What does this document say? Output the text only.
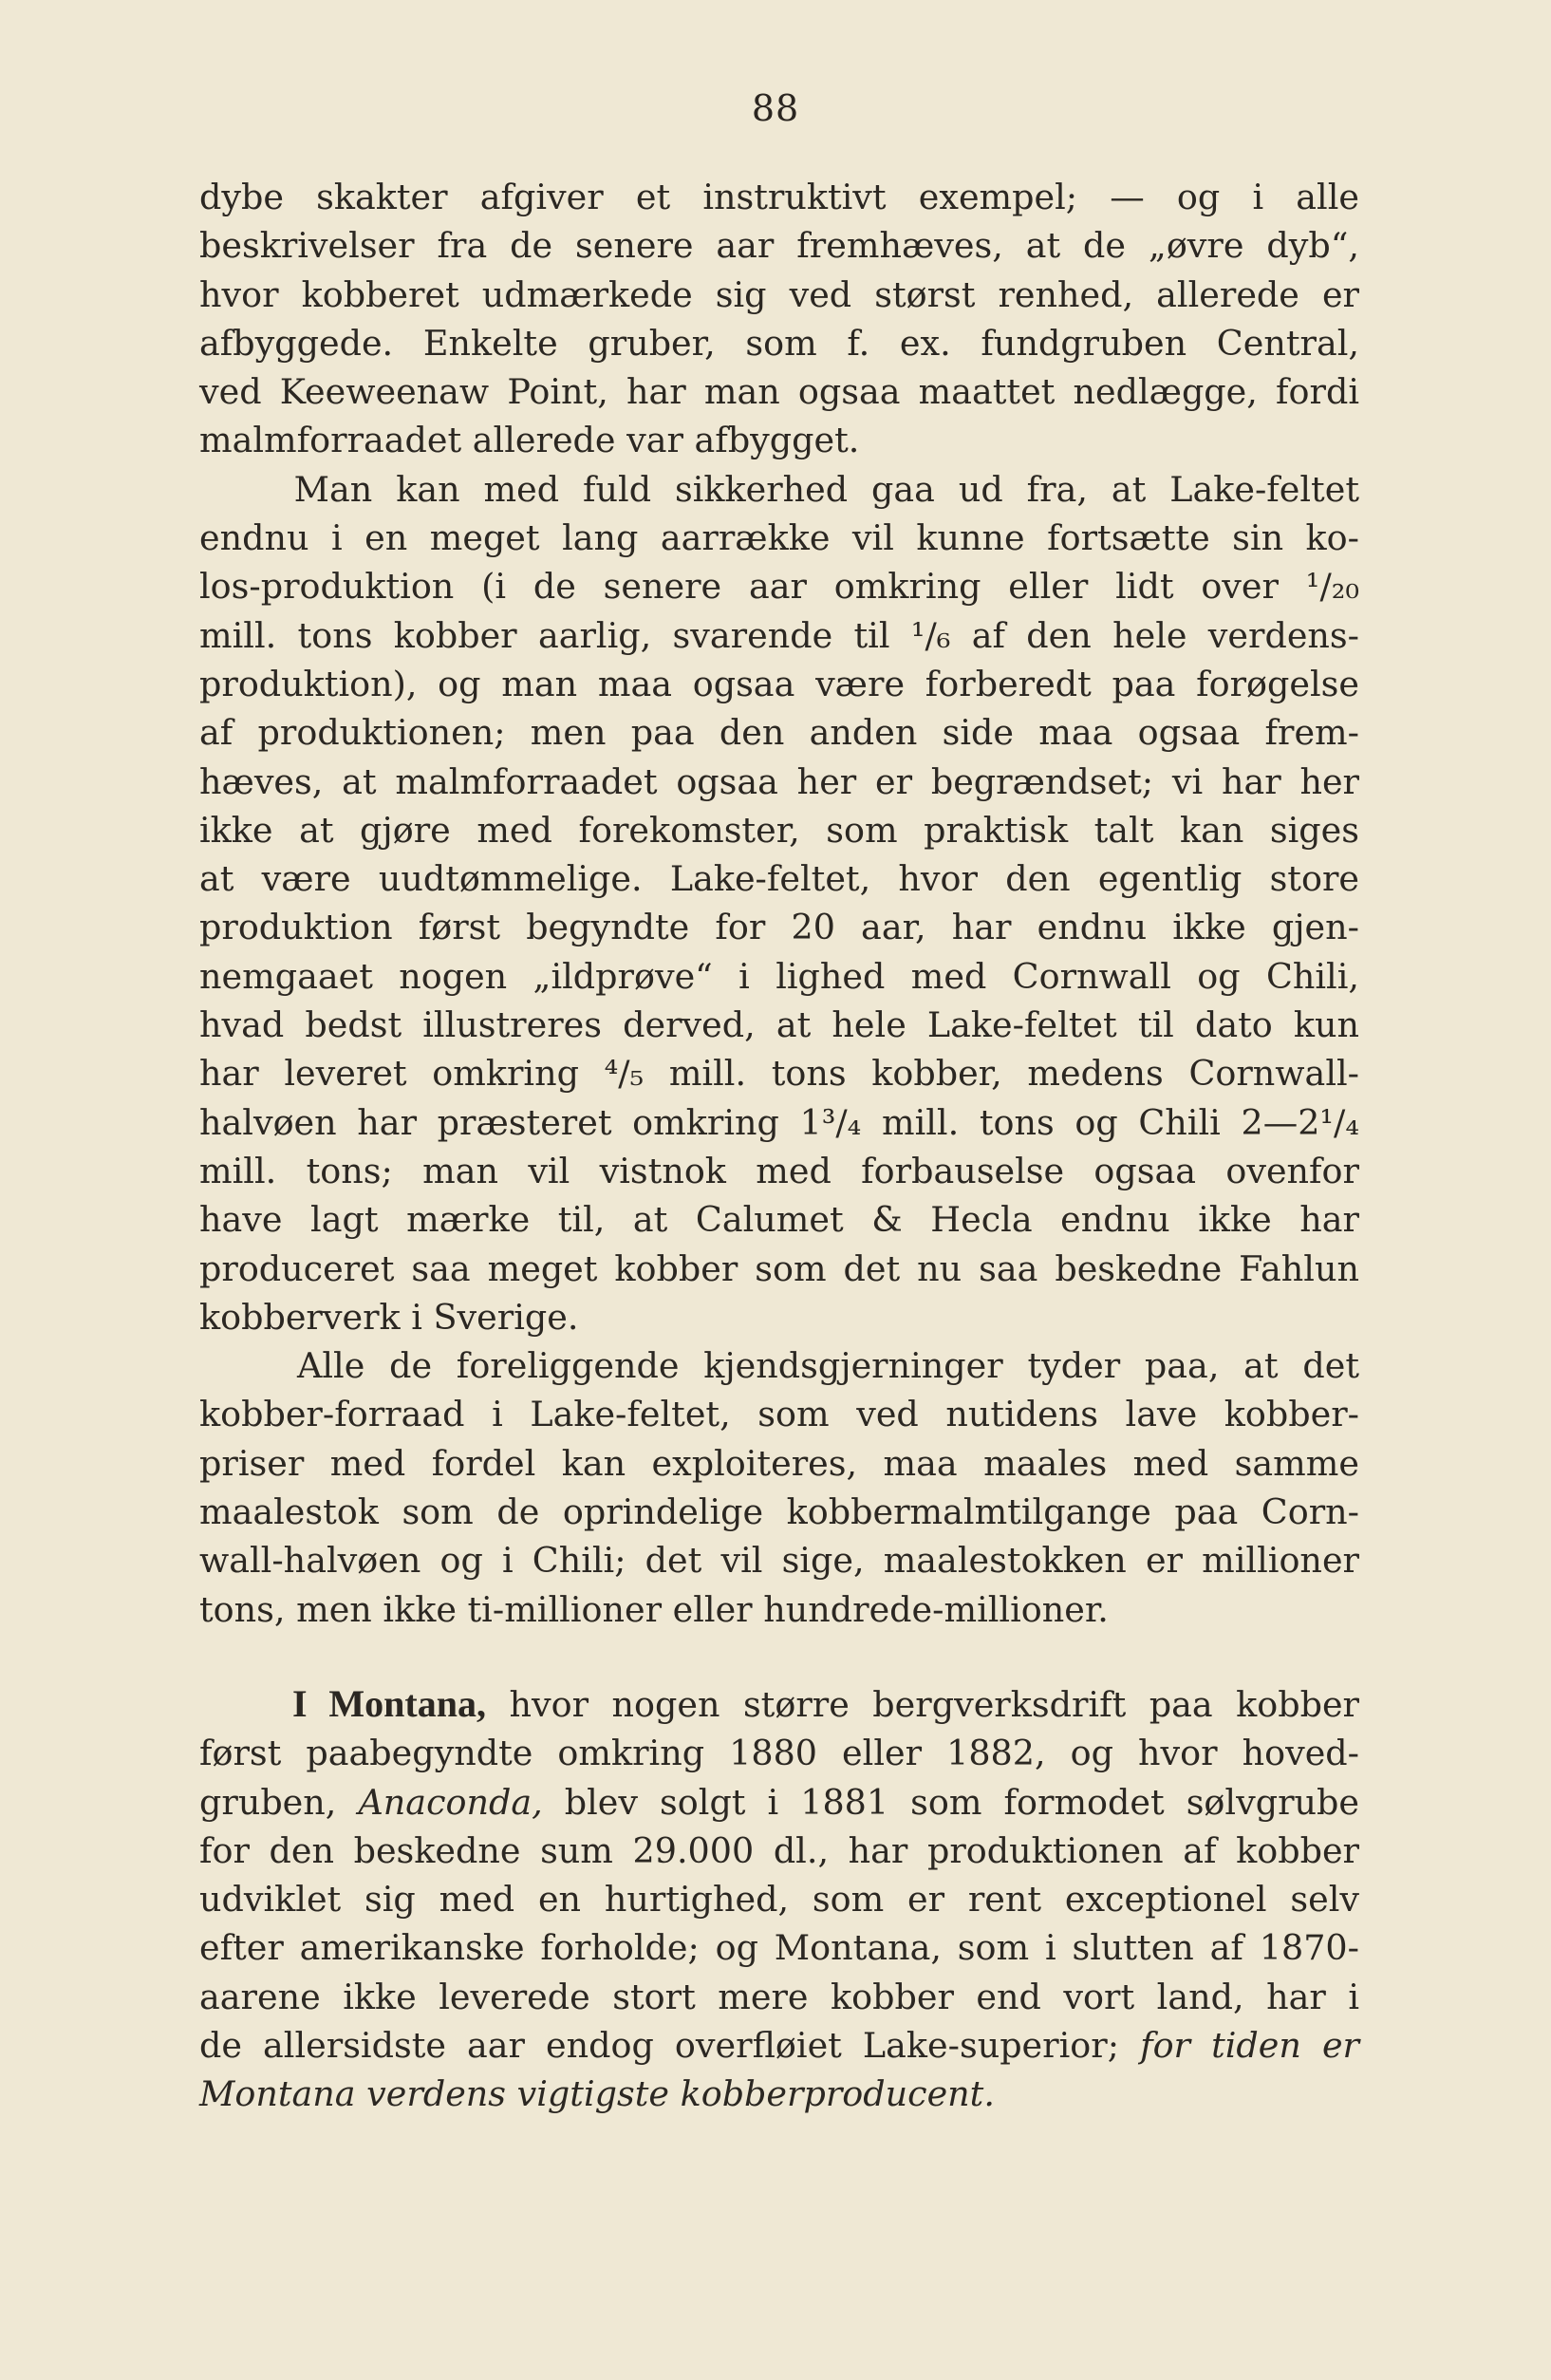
88
dybe skakter afgiver et instruktivt exempel; — og i alle
beskrivelser fra de senere aar fremhæves, at de „øvre dyb“,
hvor kobberet udmærkede sig ved størst renhed, allerede er
afbyggede. Enkelte gruber, som f. ex. fundgruben Central,
ved Keeweenaw Point, har man ogsaa maattet nedlægge, fordi
malmforraadet allerede var afbygget.
Man kan med fuld sikkerhed gaa ud fra, at Lake-feltet
endnu i en meget lang aarrække vil kunne fortsætte sin ko-
los-produktion (i de senere aar omkring eller lidt over ¹/₂₀
mill. tons kobber aarlig, svarende til ¹/₆ af den hele verdens-
produktion), og man maa ogsaa være forberedt paa forøgelse
af produktionen; men paa den anden side maa ogsaa frem-
hæves, at malmforraadet ogsaa her er begrændset; vi har her
ikke at gjøre med forekomster, som praktisk talt kan siges
at være uudtømmelige. Lake-feltet, hvor den egentlig store
produktion først begyndte for 20 aar, har endnu ikke gjen-
nemgaaet nogen „ildprøve“ i lighed med Cornwall og Chili,
hvad bedst illustreres derved, at hele Lake-feltet til dato kun
har leveret omkring ⁴/₅ mill. tons kobber, medens Cornwall-
halvøen har præsteret omkring 1³/₄ mill. tons og Chili 2—2¹/₄
mill. tons; man vil vistnok med forbauselse ogsaa ovenfor
have lagt mærke til, at Calumet & Hecla endnu ikke har
produceret saa meget kobber som det nu saa beskedne Fahlun
kobberverk i Sverige.
Alle de foreliggende kjendsgjerninger tyder paa, at det
kobber-forraad i Lake-feltet, som ved nutidens lave kobber-
priser med fordel kan exploiteres, maa maales med samme
maalestok som de oprindelige kobbermalmtilgange paa Corn-
wall-halvøen og i Chili; det vil sige, maalestokken er millioner
tons, men ikke ti-millioner eller hundrede-millioner.
I Montana, hvor nogen større bergverksdrift paa kobber
først paabegyndte omkring 1880 eller 1882, og hvor hoved-
gruben, Anaconda, blev solgt i 1881 som formodet sølvgrube
for den beskedne sum 29.000 dl., har produktionen af kobber
udviklet sig med en hurtighed, som er rent exceptionel selv
efter amerikanske forholde; og Montana, som i slutten af 1870-
aarene ikke leverede stort mere kobber end vort land, har i
de allersidste aar endog overfløiet Lake-superior; for tiden er
Montana verdens vigtigste kobberproducent.
